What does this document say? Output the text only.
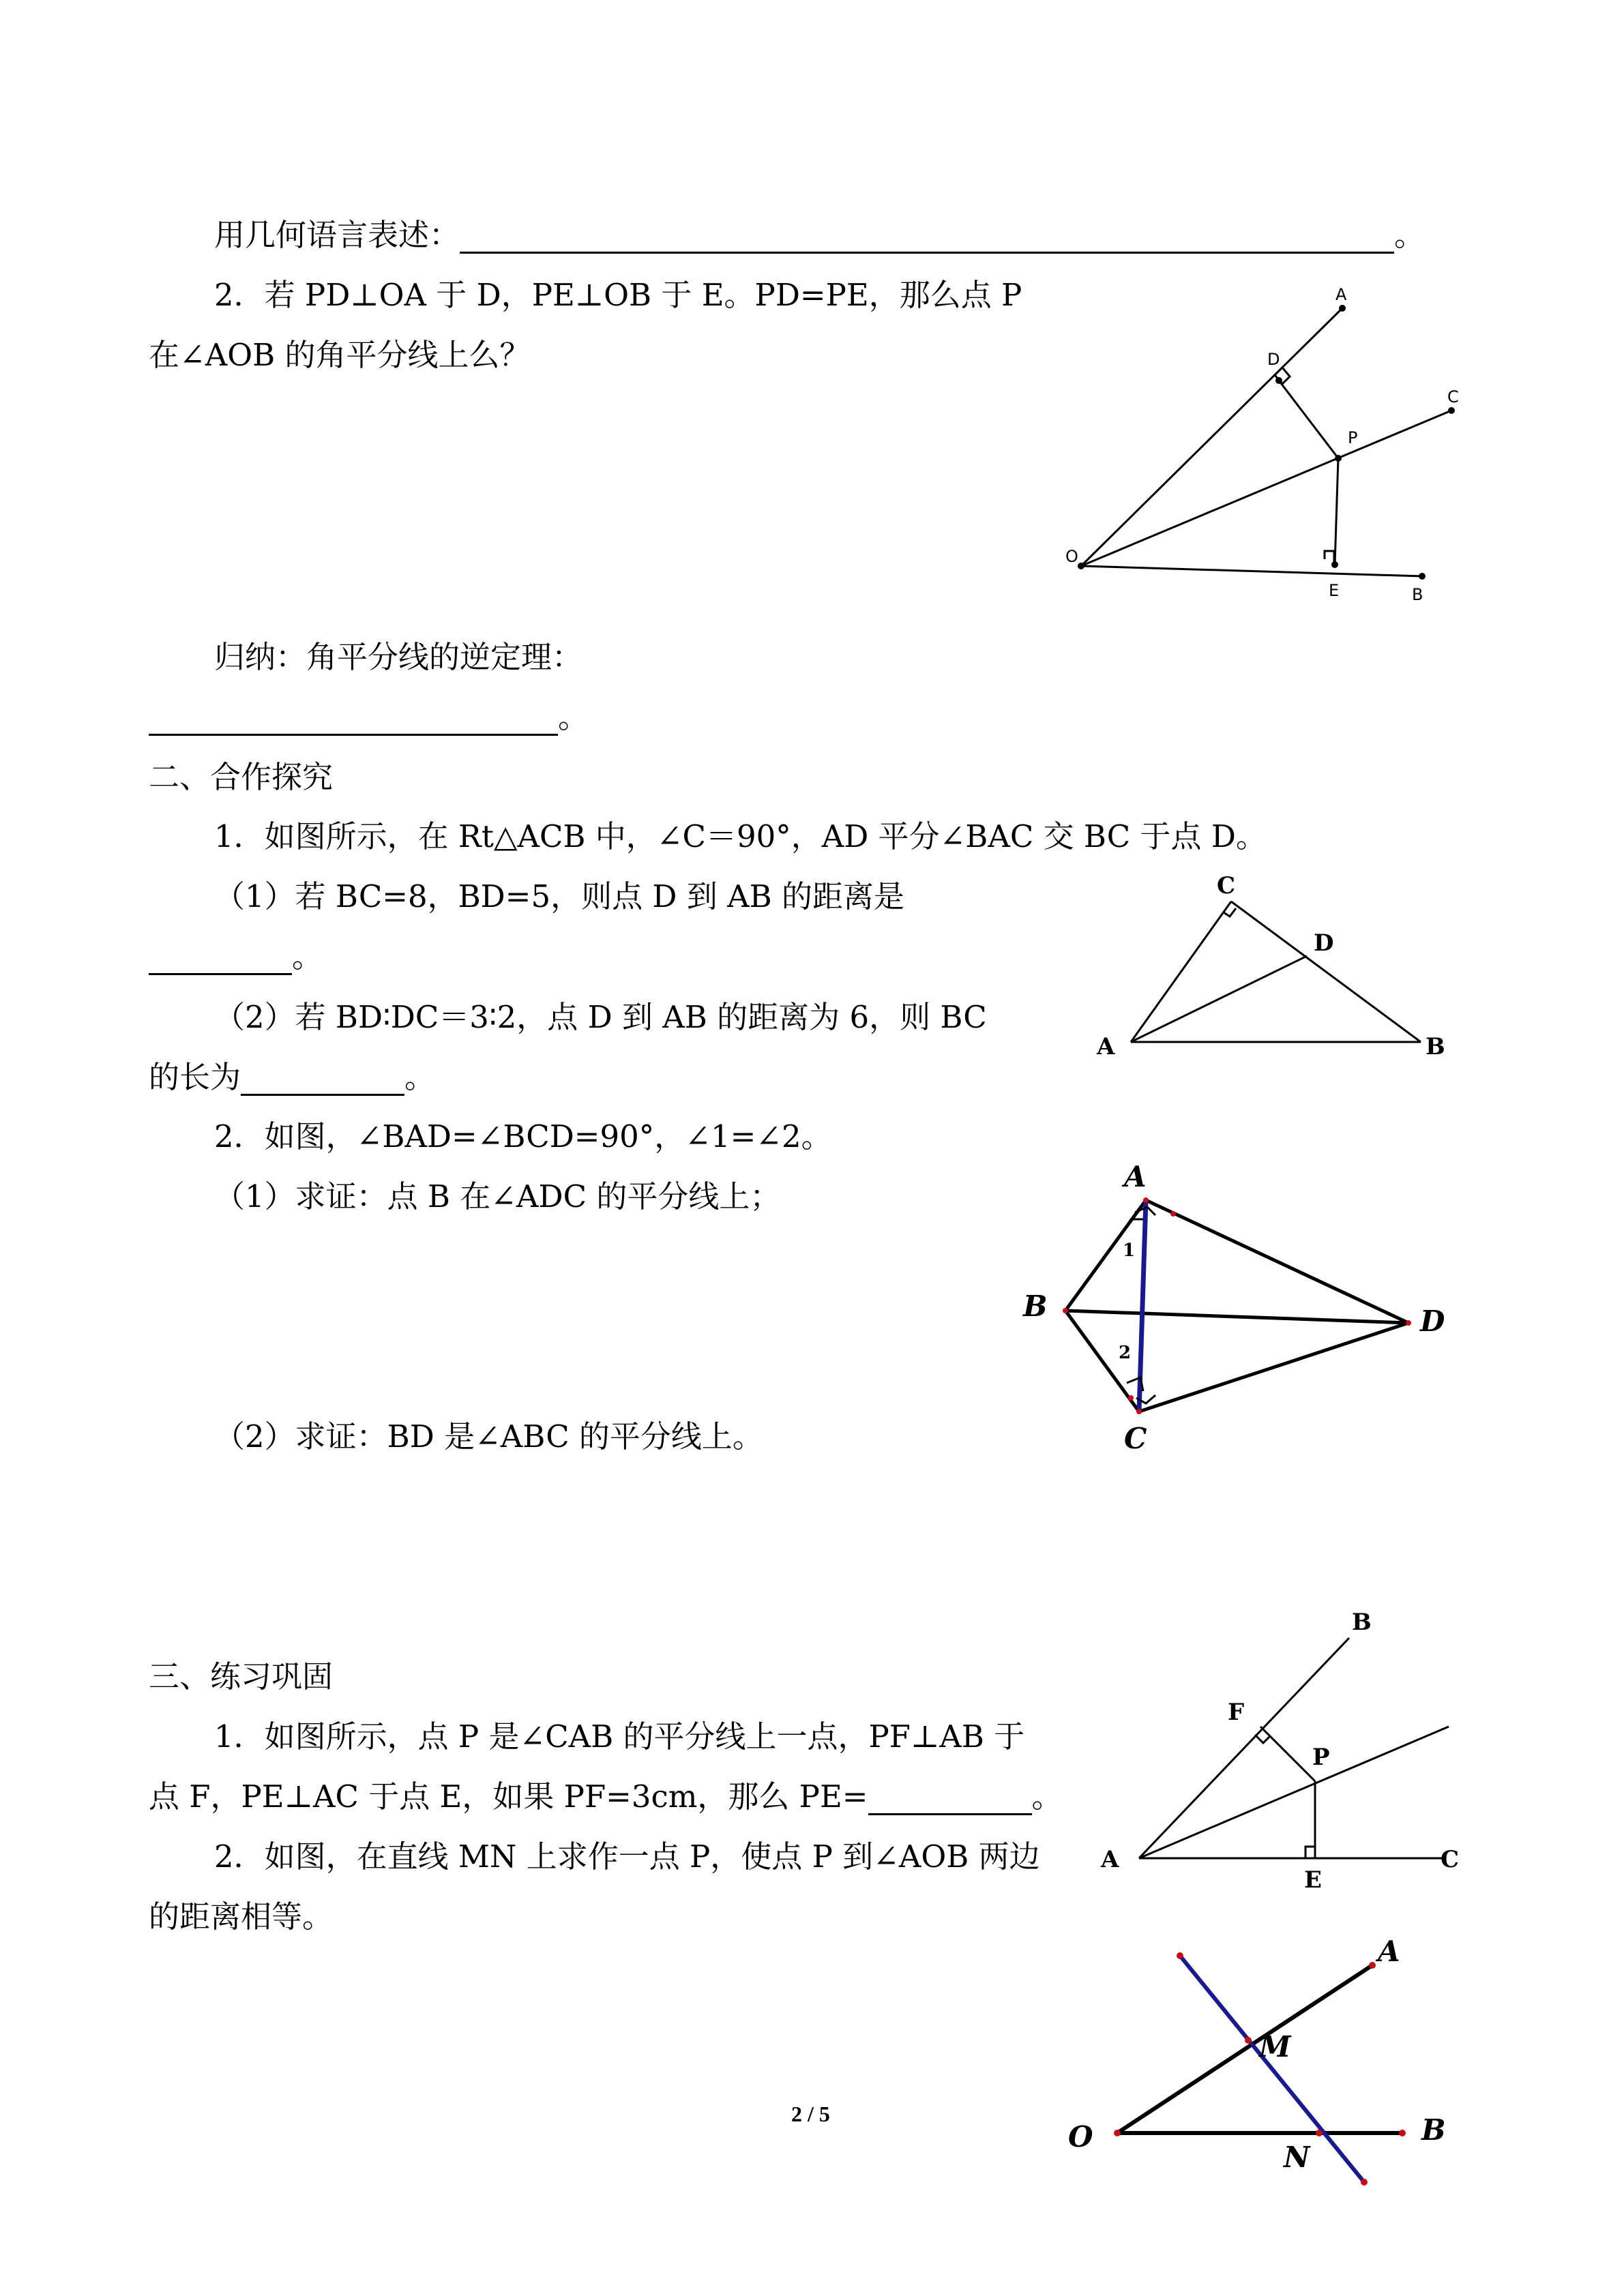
用几何语言表述：	。
2．若 PD⊥OA 于 D，PE⊥OB 于 E。PD=PE，那么点 P
在∠AOB 的角平分线上么？
归纳：角平分线的逆定理：
。
二、合作探究
1．如图所示，在 Rt△ACB 中，∠C＝90°，AD 平分∠BAC 交 BC 于点 D。
（1）若 BC=8，BD=5，则点 D 到 AB 的距离是
。
（2）若 BD∶DC＝3∶2，点 D 到 AB 的距离为 6，则 BC
的长为	。
2．如图，∠BAD=∠BCD=90°，∠1=∠2。
（1）求证：点 B 在∠ADC 的平分线上；
（2）求证：BD 是∠ABC 的平分线上。
三、练习巩固
1．如图所示，点 P 是∠CAB 的平分线上一点，PF⊥AB 于
点 F，PE⊥AC 于点 E，如果 PF=3cm，那么 PE=	。
2．如图，在直线 MN 上求作一点 P，使点 P 到∠AOB 两边
的距离相等。
A
D
C
P
O
E	B
C
D
A	B
A
B	D
C
1
2
B
F
P
A
E
C
A
M
O	B
N
2 / 5
